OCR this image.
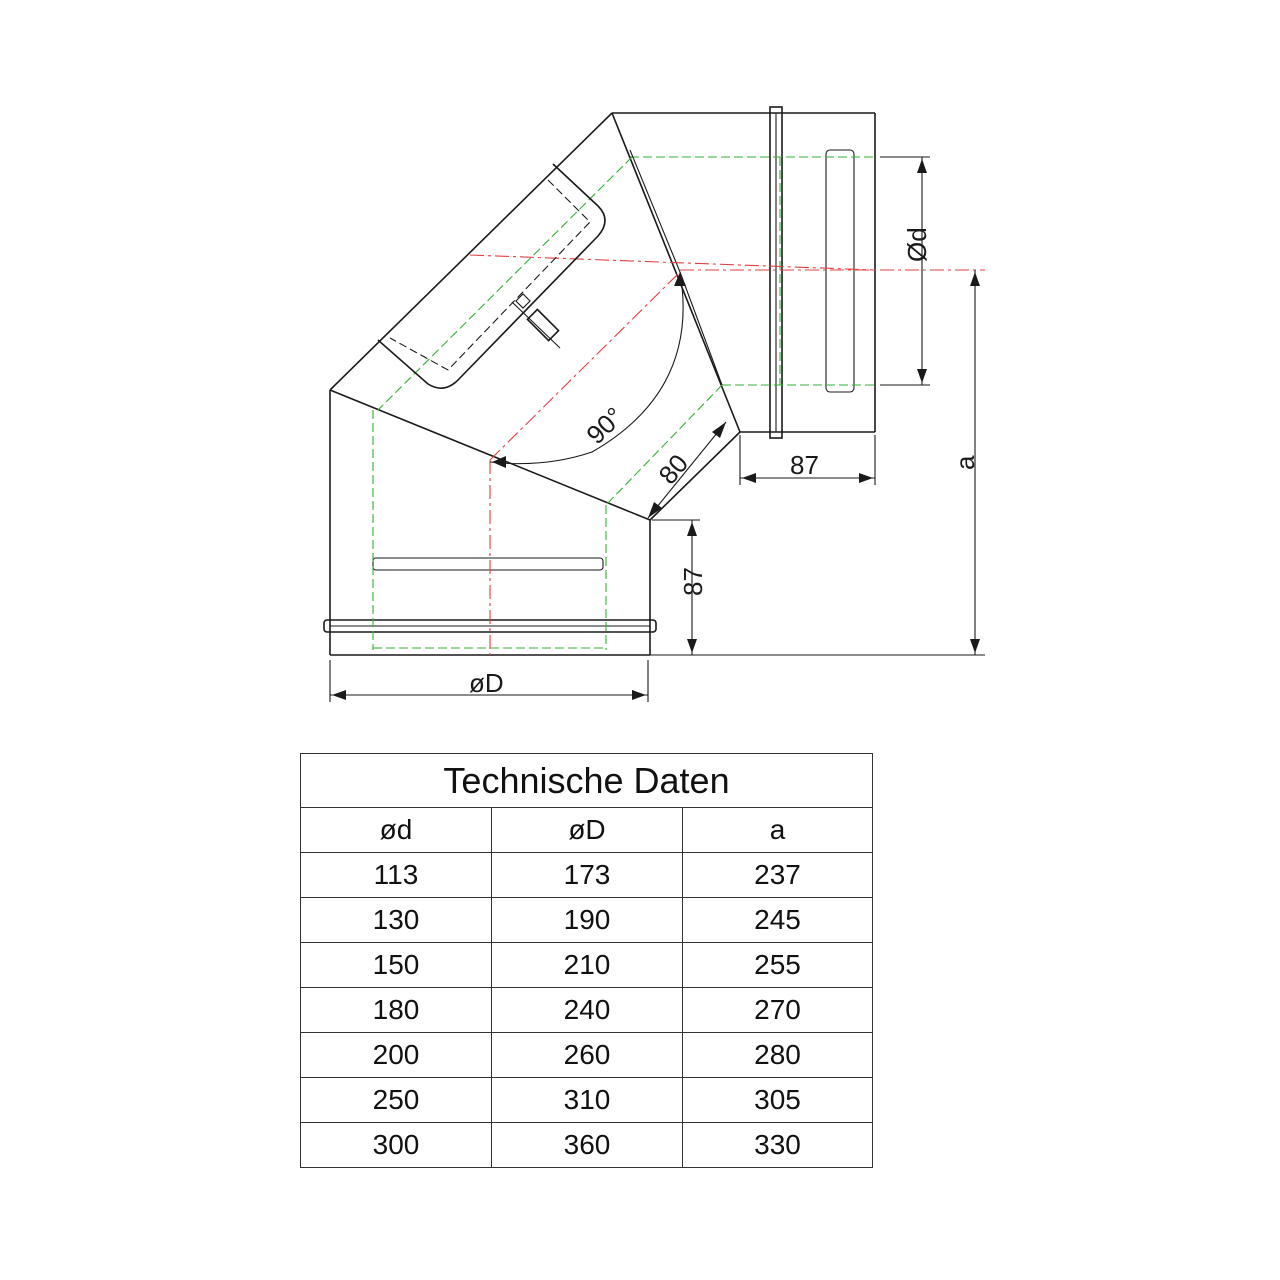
90°
80	87
87
Ød
a
øD
Technische Daten		
ød	øD	a
113	173	237
130	190	245
150	210	255
180	240	270
200	260	280
250	310	305
300	360	330
